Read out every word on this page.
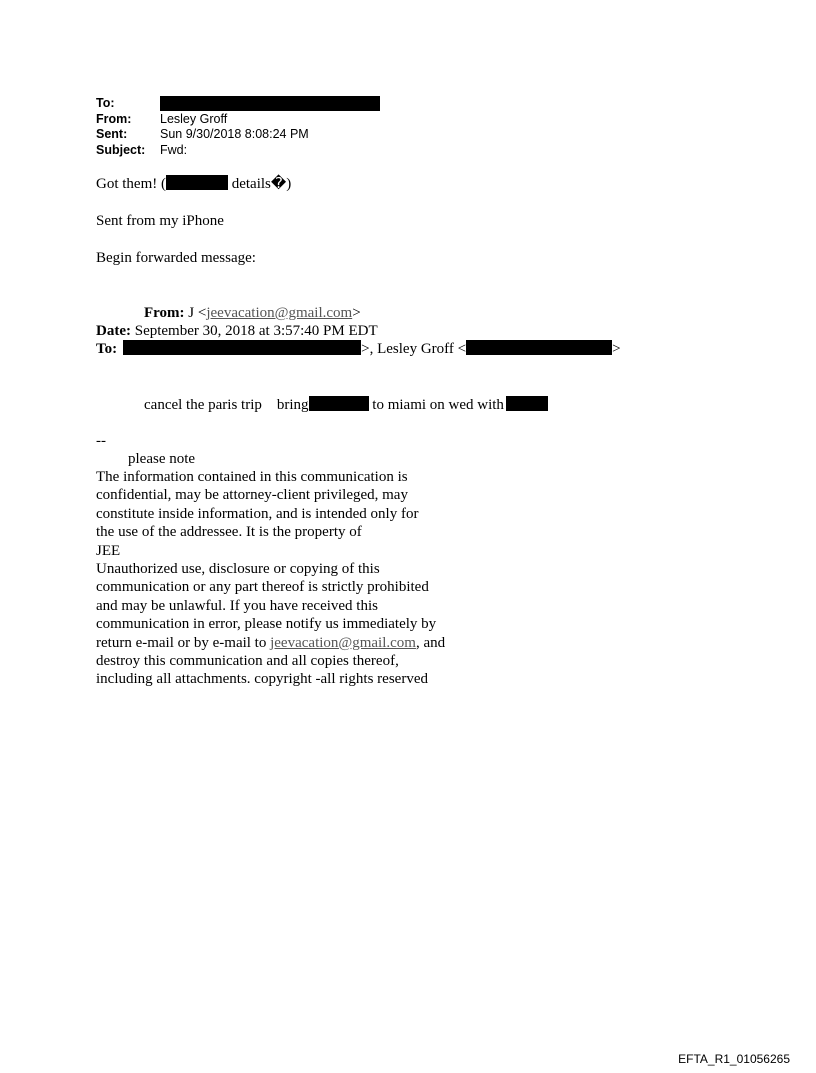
To:
From: Lesley Groff
Sent:	Sun 9/30/2018 8:08:24 PM
Subject: Fwd:
Got them! (	details�)
Sent from my iPhone
Begin forwarded message:
From: J <jeevacation@gmail.com>
Date: September 30, 2018 at 3:57:40 PM EDT
To:	>, Lesley Groff <	>
cancel the paris trip    bring	to miami on wed with
--
please note
The information contained in this communication is
confidential, may be attorney-client privileged, may
constitute inside information, and is intended only for
the use of the addressee. It is the property of
JEE
Unauthorized use, disclosure or copying of this
communication or any part thereof is strictly prohibited
and may be unlawful. If you have received this
communication in error, please notify us immediately by
return e-mail or by e-mail to jeevacation@gmail.com, and
destroy this communication and all copies thereof,
including all attachments. copyright -all rights reserved
EFTA_R1_01056265
